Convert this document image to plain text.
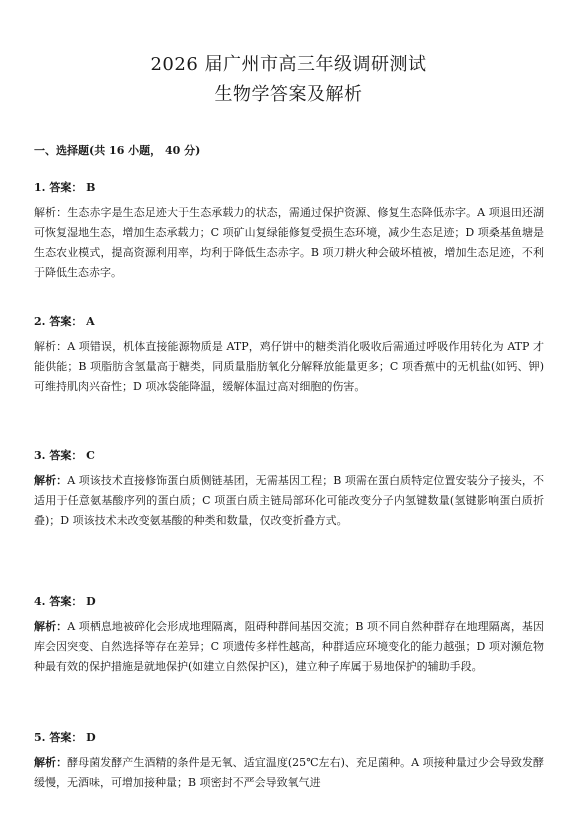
2026 届广州市高三年级调研测试
生物学答案及解析
一、选择题(共 16 小题， 40 分)
1. 答案： B
解析：生态赤字是生态足迹大于生态承载力的状态，需通过保护资源、修复生态降低赤字。A 项退田还湖可恢复湿地生态，增加生态承载力；C 项矿山复绿能修复受损生态环境，减少生态足迹；D 项桑基鱼塘是生态农业模式，提高资源利用率，均利于降低生态赤字。B 项刀耕火种会破坏植被，增加生态足迹，不利于降低生态赤字。
2. 答案： A
解析：A 项错误，机体直接能源物质是 ATP，鸡仔饼中的糖类消化吸收后需通过呼吸作用转化为 ATP 才能供能；B 项脂肪含氢量高于糖类，同质量脂肪氧化分解释放能量更多；C 项香蕉中的无机盐(如钙、钾)可维持肌肉兴奋性；D 项冰袋能降温，缓解体温过高对细胞的伤害。
3. 答案： C
解析：A 项该技术直接修饰蛋白质侧链基团，无需基因工程；B 项需在蛋白质特定位置安装分子接头，不适用于任意氨基酸序列的蛋白质；C 项蛋白质主链局部环化可能改变分子内氢键数量(氢键影响蛋白质折叠)；D 项该技术未改变氨基酸的种类和数量，仅改变折叠方式。
4. 答案： D
解析：A 项栖息地被碎化会形成地理隔离，阻碍种群间基因交流；B 项不同自然种群存在地理隔离，基因库会因突变、自然选择等存在差异；C 项遗传多样性越高，种群适应环境变化的能力越强；D 项对濒危物种最有效的保护措施是就地保护(如建立自然保护区)，建立种子库属于易地保护的辅助手段。
5. 答案： D
解析：酵母菌发酵产生酒精的条件是无氧、适宜温度(25℃左右)、充足菌种。A 项接种量过少会导致发酵缓慢，无酒味，可增加接种量；B 项密封不严会导致氧气进
